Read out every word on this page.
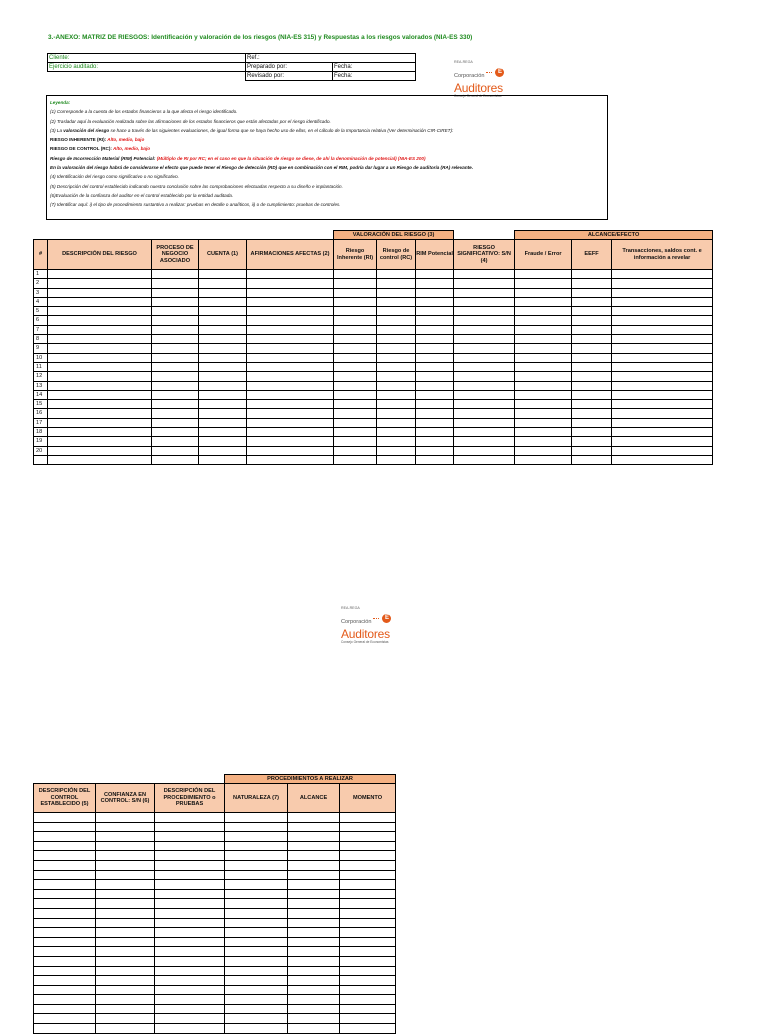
3.-ANEXO: MATRIZ DE RIESGOS: Identificación y valoración de los riesgos (NIA-ES 315) y Respuestas a los riesgos valorados (NIA-ES 330)
Cliente:	Ref.:	
Ejercicio auditado:	Preparado por:	Fecha:
	Revisado por:	Fecha:
REA-REGA
CorporaciónE
Auditores
Consejo General de Economistas

Leyenda:

(1) Corresponde a la cuenta de los estados financieros a la que afecta el riesgo identificado.

(2) Trasladar aquí la evaluación realizada sobre las afirmaciones de los estados financieros que están afectadas por el riesgo identificado.

(3) La valoración del riesgo se hace a través de las siguientes evaluaciones, de igual forma que se haya hecho uso de ellas, en el cálculo de la Importancia relativa (Ver determinación CIR-CIRET):

RIESGO INHERENTE (RI): Alto, medio, bajo

RIESGO DE CONTROL (RC): Alto, medio, bajo

Riesgo de Incorrección Material (RIM) Potencial: (Múltiplo de RI por RC; en el caso en que la situación de riesgo se diese, de ahí la denominación de potencial) (NIA-ES 200)

En la valoración del riesgo habrá de considerarse el efecto que puede tener el Riesgo de detección (RD) que en combinación con el RIM, podría dar lugar a un Riesgo de auditoría (RA) relevante.

(4) Identificación del riesgo como significativo o no significativo.

(5) Descripción del control establecido indicando nuestra conclusión sobre las comprobaciones efectuadas respecto a su diseño e implantación.

(6)Evaluación de la confianza del auditor en el control establecido por la entidad auditada.

(7) Identificar aquí: i) el tipo de procedimiento sustantivo a realizar: pruebas en detalle o analíticos, ii) o de cumplimiento: pruebas de controles.

					VALORACIÓN DEL RIESGO (3)				ALCANCE/EFECTO		
#	DESCRIPCIÓN DEL RIESGO	PROCESO DE NEGOCIO ASOCIADO	CUENTA (1)	AFIRMACIONES AFECTAS (2)	Riesgo Inherente (RI)	Riesgo de control (RC)	RIM Potencial	RIESGO SIGNIFICATIVO: S/N (4)	Fraude / Error	EEFF	Transacciones, saldos cont. e información a revelar
1											
2											
3											
4											
5											
6											
7											
8											
9											
10											
11											
12											
13											
14											
15											
16											
17											
18											
19											
20											

REA-REGA
CorporaciónE
Auditores
Consejo General de Economistas
			PROCEDIMIENTOS A REALIZAR		
DESCRIPCIÓN DEL CONTROL ESTABLECIDO (5)	CONFIANZA EN CONTROL: S/N (6)	DESCRIPCIÓN DEL PROCEDIMIENTO o PRUEBAS	NATURALEZA (7)	ALCANCE	MOMENTO
